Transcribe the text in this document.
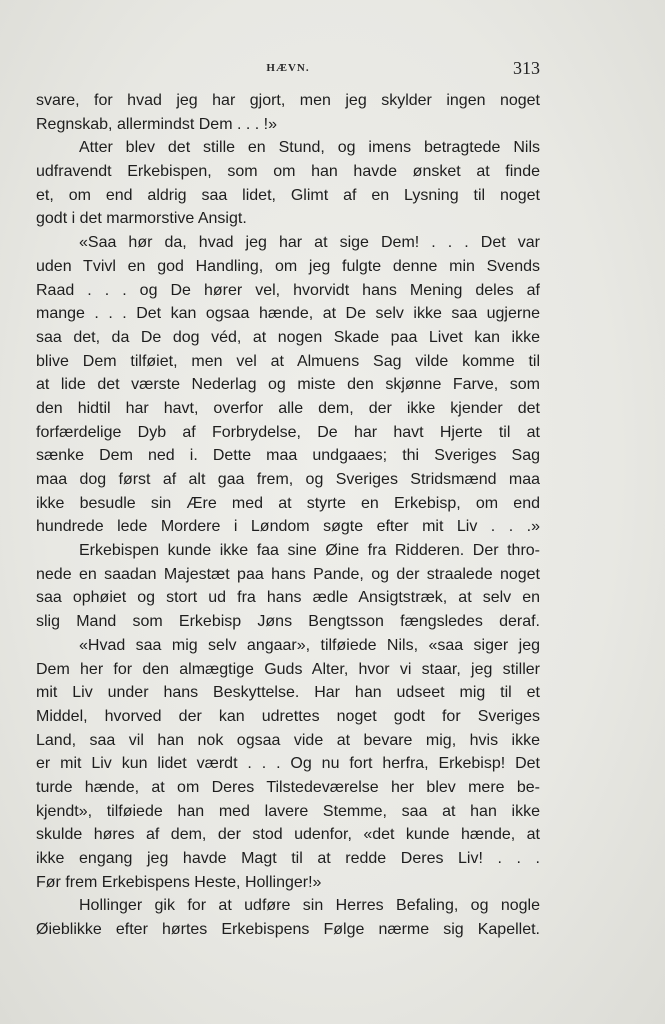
HÆVN.	313
svare, for hvad jeg har gjort, men jeg skylder ingen noget
Regnskab, allermindst Dem . . . !»
Atter blev det stille en Stund, og imens betragtede Nils
udfravendt Erkebispen, som om han havde ønsket at finde
et, om end aldrig saa lidet, Glimt af en Lysning til noget
godt i det marmorstive Ansigt.
«Saa hør da, hvad jeg har at sige Dem! . . . Det var
uden Tvivl en god Handling, om jeg fulgte denne min Svends
Raad . . . og De hører vel, hvorvidt hans Mening deles af
mange . . . Det kan ogsaa hænde, at De selv ikke saa ugjerne
saa det, da De dog véd, at nogen Skade paa Livet kan ikke
blive Dem tilføiet, men vel at Almuens Sag vilde komme til
at lide det værste Nederlag og miste den skjønne Farve, som
den hidtil har havt, overfor alle dem, der ikke kjender det
forfærdelige Dyb af Forbrydelse, De har havt Hjerte til at
sænke Dem ned i. Dette maa undgaaes; thi Sveriges Sag
maa dog først af alt gaa frem, og Sveriges Stridsmænd maa
ikke besudle sin Ære med at styrte en Erkebisp, om end
hundrede lede Mordere i Løndom søgte efter mit Liv . . .»
Erkebispen kunde ikke faa sine Øine fra Ridderen. Der thro-
nede en saadan Majestæt paa hans Pande, og der straalede noget
saa ophøiet og stort ud fra hans ædle Ansigtstræk, at selv en
slig Mand som Erkebisp Jøns Bengtsson fængsledes deraf.
«Hvad saa mig selv angaar», tilføiede Nils, «saa siger jeg
Dem her for den almægtige Guds Alter, hvor vi staar, jeg stiller
mit Liv under hans Beskyttelse. Har han udseet mig til et
Middel, hvorved der kan udrettes noget godt for Sveriges
Land, saa vil han nok ogsaa vide at bevare mig, hvis ikke
er mit Liv kun lidet værdt . . . Og nu fort herfra, Erkebisp! Det
turde hænde, at om Deres Tilstedeværelse her blev mere be-
kjendt», tilføiede han med lavere Stemme, saa at han ikke
skulde høres af dem, der stod udenfor, «det kunde hænde, at
ikke engang jeg havde Magt til at redde Deres Liv! . . .
Før frem Erkebispens Heste, Hollinger!»
Hollinger gik for at udføre sin Herres Befaling, og nogle
Øieblikke efter hørtes Erkebispens Følge nærme sig Kapellet.
